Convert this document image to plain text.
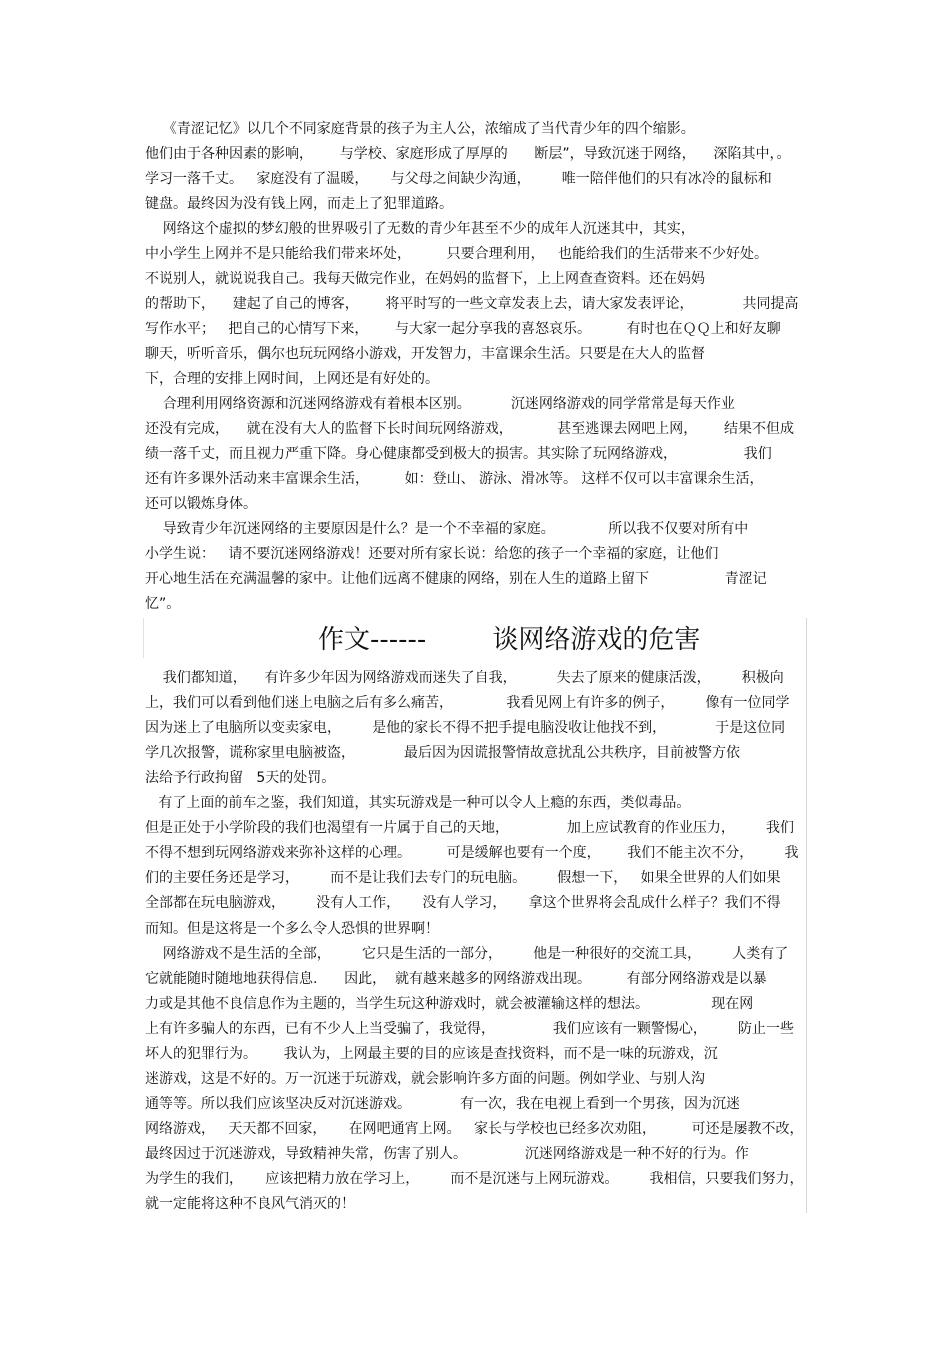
《青涩记忆》以几个不同家庭背景的孩子为主人公，浓缩成了当代青少年的四个缩影。
他们由于各种因素的影响，      与学校、家庭形成了厚厚的      断层”，导致沉迷于网络，    深陷其中，。
学习一落千丈。   家庭没有了温暖，     与父母之间缺少沟通，       唯一陪伴他们的只有冰冷的鼠标和
键盘。最终因为没有钱上网，而走上了犯罪道路。
网络这个虚拟的梦幻般的世界吸引了无数的青少年甚至不少的成年人沉迷其中，其实，
中小学生上网并不是只能给我们带来坏处，        只要合理利用，   也能给我们的生活带来不少好处。
不说别人，就说说我自己。我每天做完作业，在妈妈的监督下，上上网查查资料。还在妈妈
的帮助下，    建起了自己的博客，      将平时写的一些文章发表上去，请大家发表评论，           共同提高
写作水平；   把自己的心情写下来，      与大家一起分享我的喜怒哀乐。        有时也在ＱＱ上和好友聊
聊天，听听音乐，偶尔也玩玩网络小游戏，开发智力，丰富课余生活。只要是在大人的监督
下，合理的安排上网时间，上网还是有好处的。
合理利用网络资源和沉迷网络游戏有着根本区别。         沉迷网络游戏的同学常常是每天作业
还没有完成，    就在没有大人的监督下长时间玩网络游戏，          甚至逃课去网吧上网，      结果不但成
绩一落千丈，而且视力严重下降。身心健康都受到极大的损害。其实除了玩网络游戏，               我们
还有许多课外活动来丰富课余生活，        如：登山、 游泳、滑冰等。 这样不仅可以丰富课余生活，
还可以锻炼身体。
导致青少年沉迷网络的主要原因是什么？是一个不幸福的家庭。            所以我不仅要对所有中
小学生说：   请不要沉迷网络游戏！还要对所有家长说：给您的孩子一个幸福的家庭，让他们
开心地生活在充满温馨的家中。让他们远离不健康的网络，别在人生的道路上留下                 青涩记
忆”。
作文------        谈网络游戏的危害
我们都知道，    有许多少年因为网络游戏而迷失了自我，         失去了原来的健康活泼，       积极向
上，我们可以看到他们迷上电脑之后有多么痛苦，            我看见网上有许多的例子，       像有一位同学
因为迷上了电脑所以变卖家电，       是他的家长不得不把手提电脑没收让他找不到，           于是这位同
学几次报警，谎称家里电脑被盗，           最后因为因谎报警情故意扰乱公共秩序，目前被警方依
法给予行政拘留   5天的处罚。
有了上面的前车之鉴，我们知道，其实玩游戏是一种可以令人上瘾的东西，类似毒品。
但是正处于小学阶段的我们也渴望有一片属于自己的天地，             加上应试教育的作业压力，       我们
不得不想到玩网络游戏来弥补这样的心理。        可是缓解也要有一个度，      我们不能主次不分，       我
们的主要任务还是学习，       而不是让我们去专门的玩电脑。       假想一下，   如果全世界的人们如果
全部都在玩电脑游戏，       没有人工作，     没有人学习，     拿这个世界将会乱成什么样子？我们不得
而知。但是这将是一个多么令人恐惧的世界啊！
网络游戏不是生活的全部，       它只是生活的一部分，       他是一种很好的交流工具，       人类有了
它就能随时随地地获得信息.      因此，  就有越来越多的网络游戏出现。        有部分网络游戏是以暴
力或是其他不良信息作为主题的，当学生玩这种游戏时，就会被灌输这样的想法。              现在网
上有许多骗人的东西，已有不少人上当受骗了，我觉得，             我们应该有一颗警惕心，       防止一些
坏人的犯罪行为。      我认为，上网最主要的目的应该是查找资料，而不是一味的玩游戏，沉
迷游戏，这是不好的。万一沉迷于玩游戏，就会影响许多方面的问题。例如学业、与别人沟
通等等。所以我们应该坚决反对沉迷游戏。           有一次，我在电视上看到一个男孩，因为沉迷
网络游戏，   天天都不回家，     在网吧通宵上网。   家长与学校也已经多次劝阻，        可还是屡教不改，
最终因过于沉迷游戏，导致精神失常，伤害了别人。             沉迷网络游戏是一种不好的行为。作
为学生的我们，     应该把精力放在学习上，       而不是沉迷与上网玩游戏。       我相信，只要我们努力，
就一定能将这种不良风气消灭的！
